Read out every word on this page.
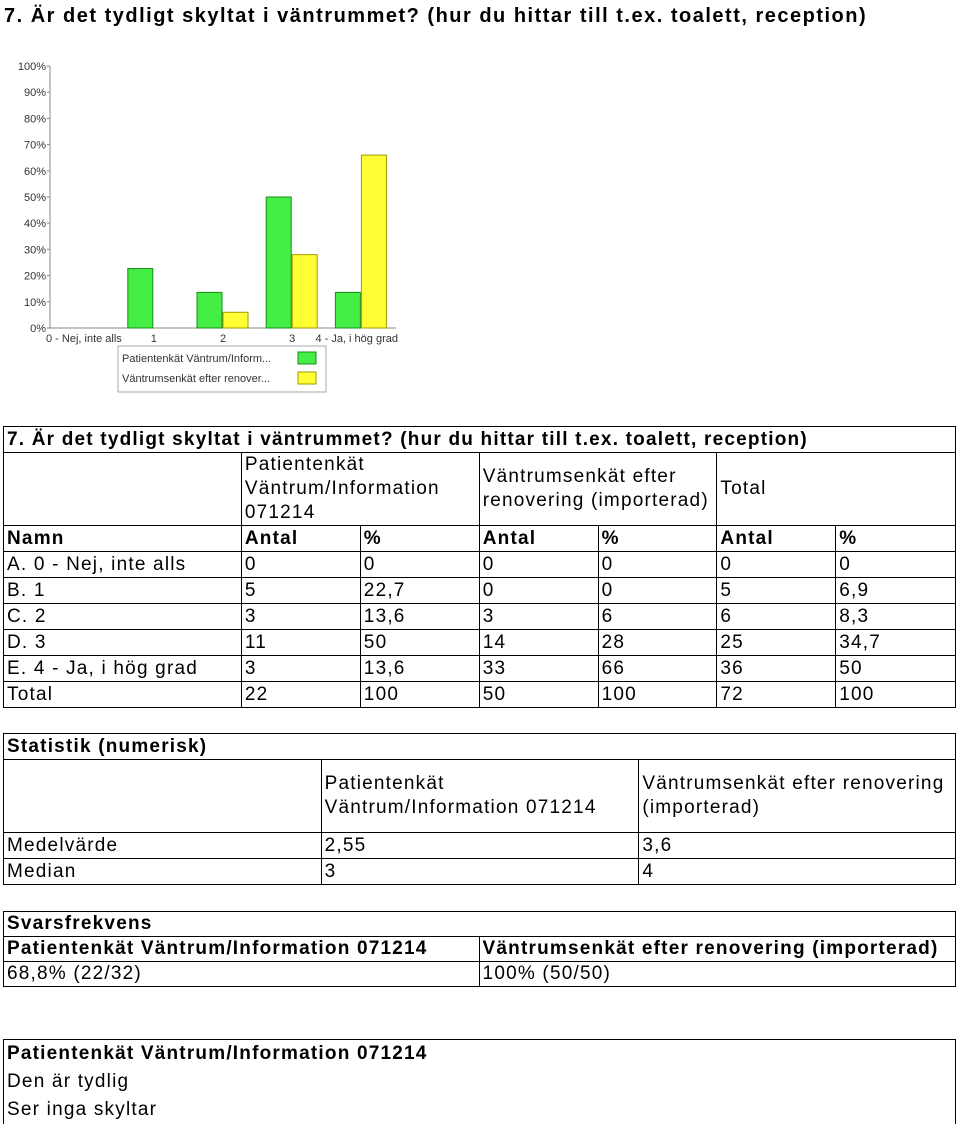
7. Är det tydligt skyltat i väntrummet? (hur du hittar till t.ex. toalett, reception)
0%
10%
20%
30%
40%
50%
60%
70%
80%
90%
100%
0 - Nej, inte alls	1	2	3 4 - Ja, i hög grad
Patientenkät Väntrum/Inform...
Väntrumsenkät efter renover...
7. Är det tydligt skyltat i väntrummet? (hur du hittar till t.ex. toalett, reception)						
	Patientenkät Väntrum/Information 071214		Väntrumsenkät efter renovering (importerad)		Total	
Namn	Antal	%	Antal	%	Antal	%
A. 0 - Nej, inte alls	0	0	0	0	0	0
B. 1	5	22,7	0	0	5	6,9
C. 2	3	13,6	3	6	6	8,3
D. 3	11	50	14	28	25	34,7
E. 4 - Ja, i hög grad	3	13,6	33	66	36	50
Total	22	100	50	100	72	100
Statistik (numerisk)		
	Patientenkät Väntrum/Information 071214	Väntrumsenkät efter renovering (importerad)
Medelvärde	2,55	3,6
Median	3	4
Svarsfrekvens	
Patientenkät Väntrum/Information 071214	Väntrumsenkät efter renovering (importerad)
68,8% (22/32)	100% (50/50)
Patientenkät Väntrum/Information 071214
Den är tydlig
Ser inga skyltar
